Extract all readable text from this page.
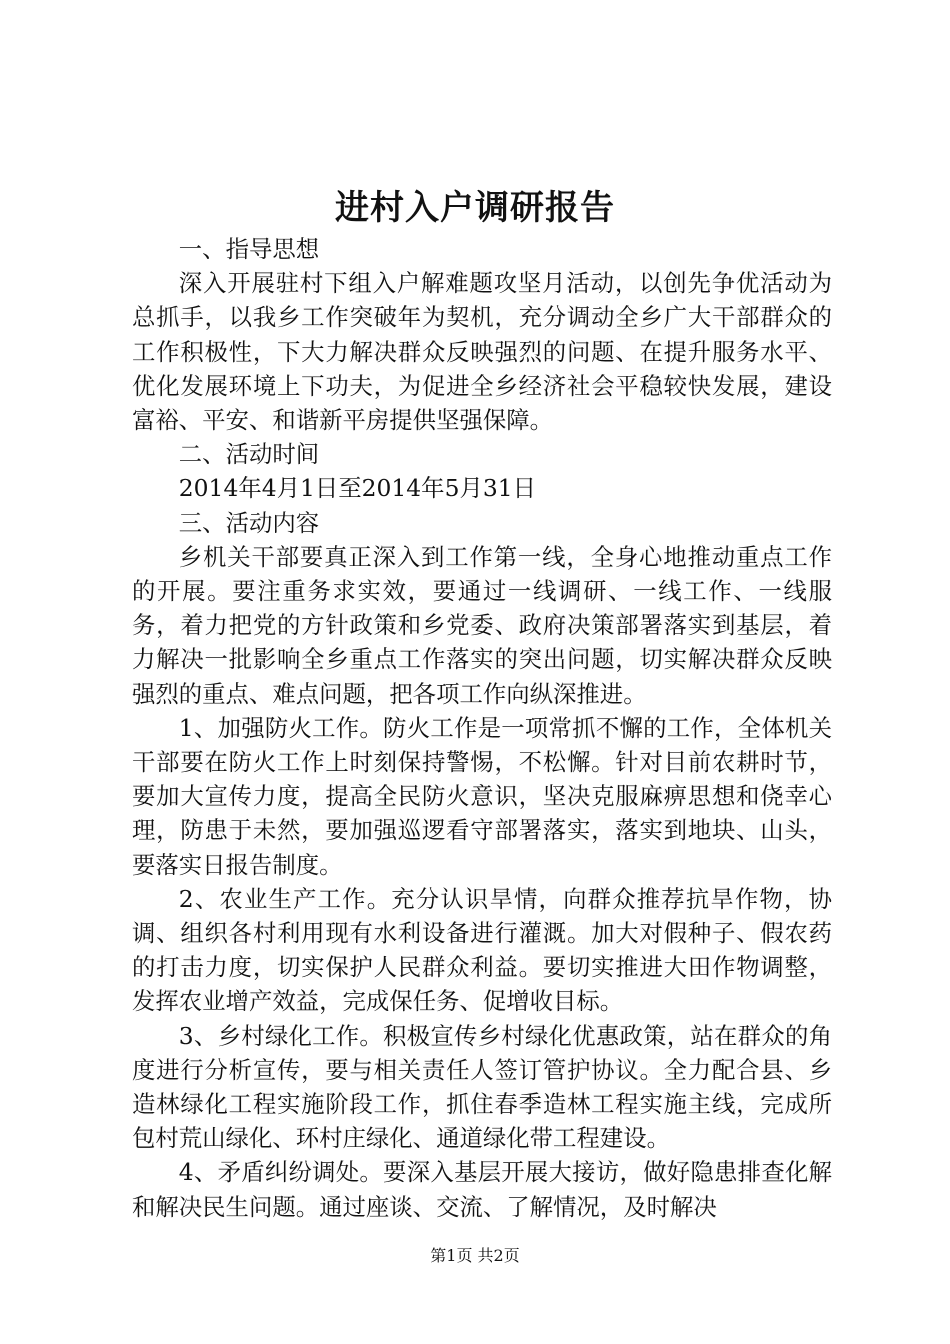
进村入户调研报告

一、指导思想

深入开展驻村下组入户解难题攻坚月活动，以创先争优活动为总抓手，以我乡工作突破年为契机，充分调动全乡广大干部群众的工作积极性，下大力解决群众反映强烈的问题、在提升服务水平、优化发展环境上下功夫，为促进全乡经济社会平稳较快发展，建设富裕、平安、和谐新平房提供坚强保障。

二、活动时间

2014年4月1日至2014年5月31日

三、活动内容

乡机关干部要真正深入到工作第一线，全身心地推动重点工作的开展。要注重务求实效，要通过一线调研、一线工作、一线服务，着力把党的方针政策和乡党委、政府决策部署落实到基层，着力解决一批影响全乡重点工作落实的突出问题，切实解决群众反映强烈的重点、难点问题，把各项工作向纵深推进。

1、加强防火工作。防火工作是一项常抓不懈的工作，全体机关干部要在防火工作上时刻保持警惕，不松懈。针对目前农耕时节，要加大宣传力度，提高全民防火意识，坚决克服麻痹思想和侥幸心理，防患于未然，要加强巡逻看守部署落实，落实到地块、山头，要落实日报告制度。

2、农业生产工作。充分认识旱情，向群众推荐抗旱作物，协调、组织各村利用现有水利设备进行灌溉。加大对假种子、假农药的打击力度，切实保护人民群众利益。要切实推进大田作物调整，发挥农业增产效益，完成保任务、促增收目标。

3、乡村绿化工作。积极宣传乡村绿化优惠政策，站在群众的角度进行分析宣传，要与相关责任人签订管护协议。全力配合县、乡造林绿化工程实施阶段工作，抓住春季造林工程实施主线，完成所包村荒山绿化、环村庄绿化、通道绿化带工程建设。

4、矛盾纠纷调处。要深入基层开展大接访，做好隐患排查化解和解决民生问题。通过座谈、交流、了解情况，及时解决

第1页 共2页
